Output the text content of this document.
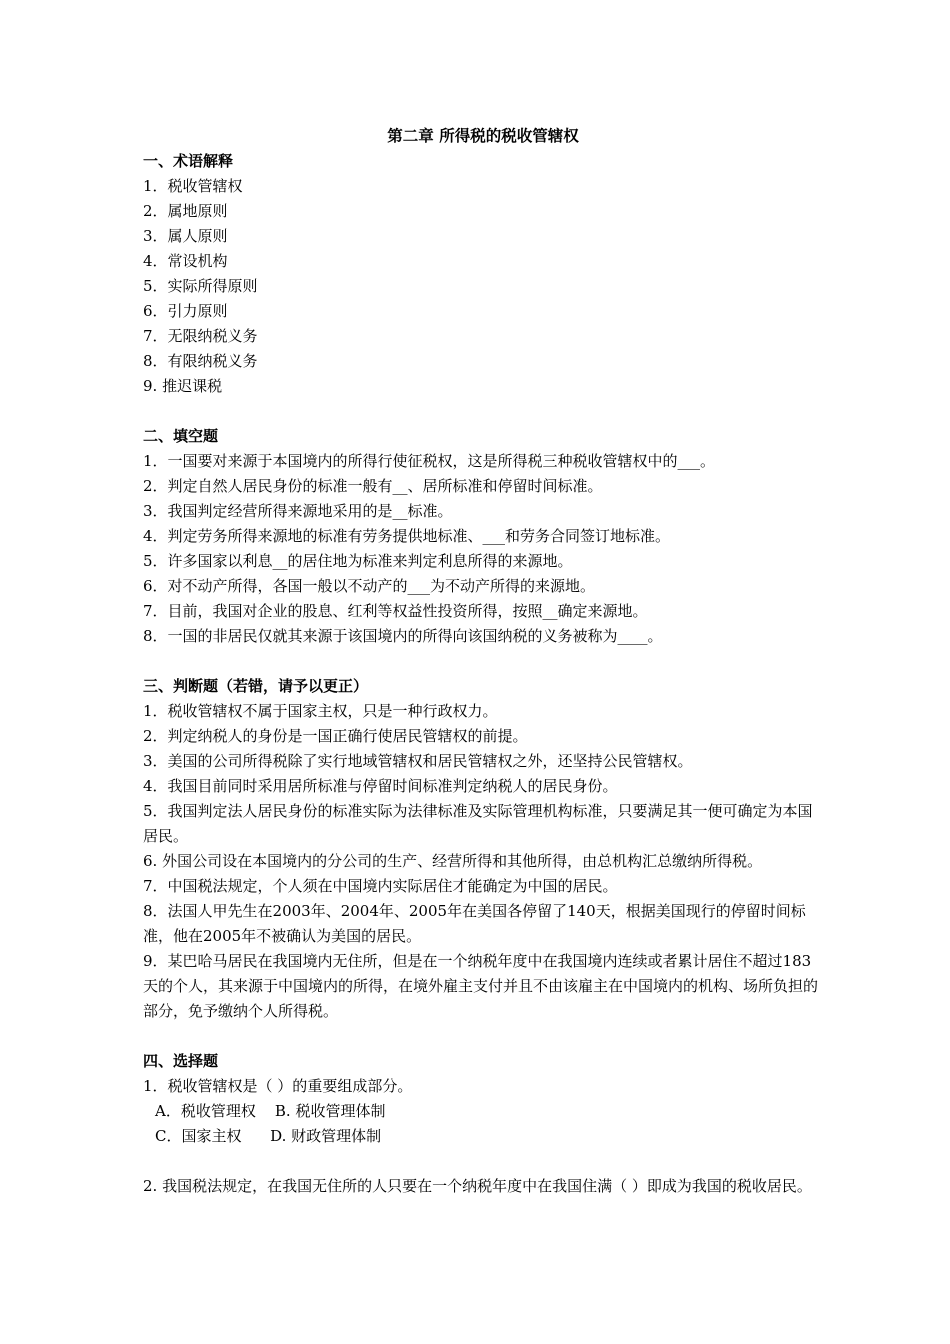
第二章 所得税的税收管辖权
一、术语解释
1．税收管辖权
2．属地原则
3．属人原则
4．常设机构
5．实际所得原则
6．引力原则
7．无限纳税义务
8．有限纳税义务
9. 推迟课税
二、填空题
1．一国要对来源于本国境内的所得行使征税权，这是所得税三种税收管辖权中的___。
2．判定自然人居民身份的标准一般有__、居所标准和停留时间标准。
3．我国判定经营所得来源地采用的是__标准。
4．判定劳务所得来源地的标准有劳务提供地标准、___和劳务合同签订地标准。
5．许多国家以利息__的居住地为标准来判定利息所得的来源地。
6．对不动产所得，各国一般以不动产的___为不动产所得的来源地。
7．目前，我国对企业的股息、红利等权益性投资所得，按照__确定来源地。
8．一国的非居民仅就其来源于该国境内的所得向该国纳税的义务被称为____。
三、判断题（若错，请予以更正）
1．税收管辖权不属于国家主权，只是一种行政权力。
2．判定纳税人的身份是一国正确行使居民管辖权的前提。
3．美国的公司所得税除了实行地域管辖权和居民管辖权之外，还坚持公民管辖权。
4．我国目前同时采用居所标准与停留时间标准判定纳税人的居民身份。
5．我国判定法人居民身份的标准实际为法律标准及实际管理机构标准，只要满足其一便可确定为本国居民。
6. 外国公司设在本国境内的分公司的生产、经营所得和其他所得，由总机构汇总缴纳所得税。
7．中国税法规定，个人须在中国境内实际居住才能确定为中国的居民。
8．法国人甲先生在2003年、2004年、2005年在美国各停留了140天，根据美国现行的停留时间标准，他在2005年不被确认为美国的居民。
9．某巴哈马居民在我国境内无住所，但是在一个纳税年度中在我国境内连续或者累计居住不超过183天的个人，其来源于中国境内的所得，在境外雇主支付并且不由该雇主在中国境内的机构、场所负担的部分，免予缴纳个人所得税。
四、选择题
1．税收管辖权是（ ）的重要组成部分。
A．税收管理权    B. 税收管理体制
C．国家主权      D. 财政管理体制
2. 我国税法规定，在我国无住所的人只要在一个纳税年度中在我国住满（ ）即成为我国的税收居民。
